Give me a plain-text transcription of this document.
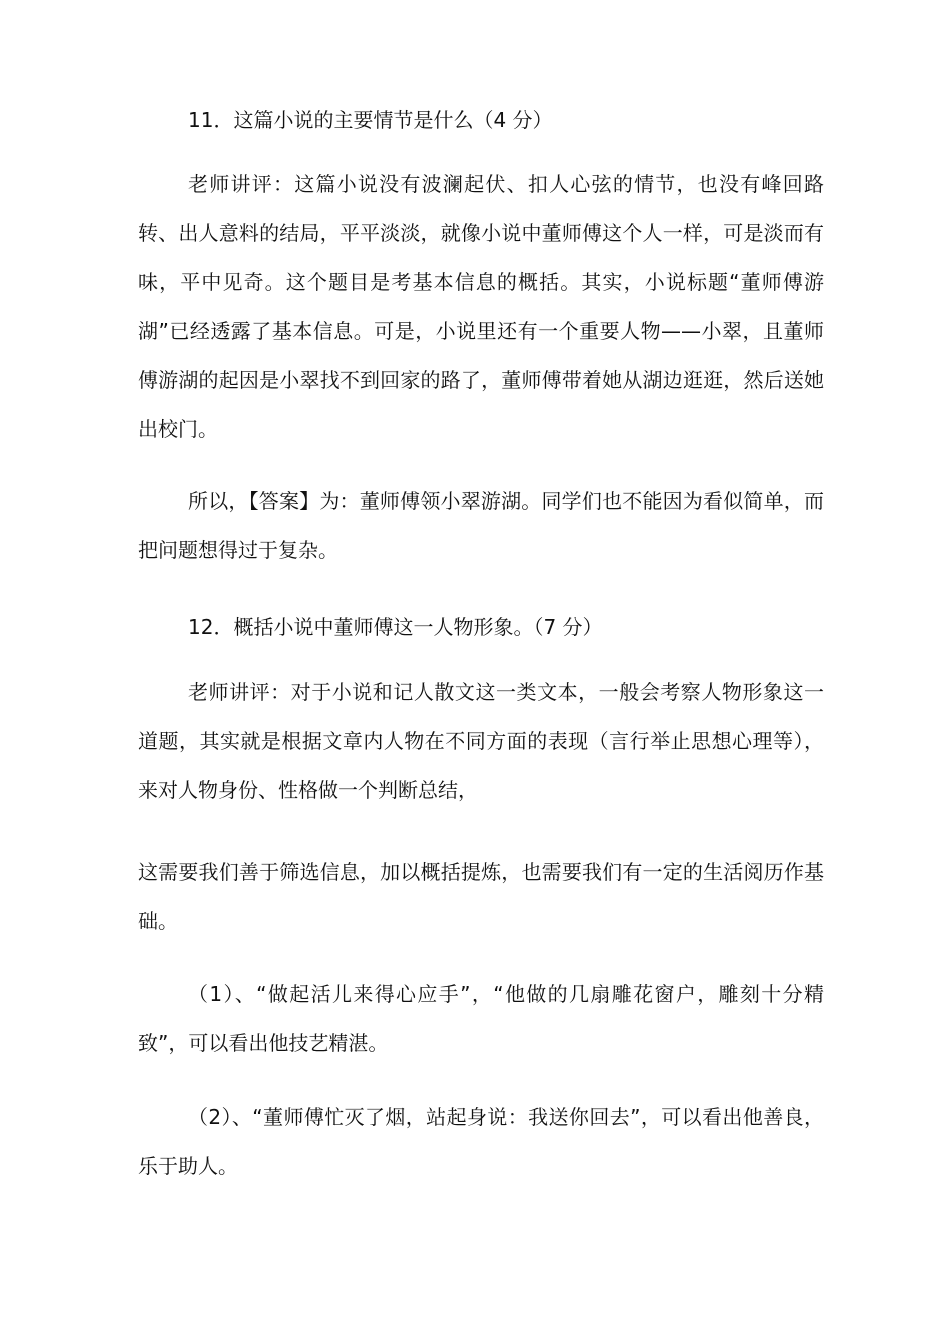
11．这篇小说的主要情节是什么（4 分）

老师讲评：这篇小说没有波澜起伏、扣人心弦的情节，也没有峰回路转、出人意料的结局，平平淡淡，就像小说中董师傅这个人一样，可是淡而有味，平中见奇。这个题目是考基本信息的概括。其实，小说标题“董师傅游湖”已经透露了基本信息。可是，小说里还有一个重要人物——小翠，且董师傅游湖的起因是小翠找不到回家的路了，董师傅带着她从湖边逛逛，然后送她出校门。

所以，【答案】为：董师傅领小翠游湖。同学们也不能因为看似简单，而把问题想得过于复杂。

12．概括小说中董师傅这一人物形象。（7 分）

老师讲评：对于小说和记人散文这一类文本，一般会考察人物形象这一道题，其实就是根据文章内人物在不同方面的表现（言行举止思想心理等），来对人物身份、性格做一个判断总结，

这需要我们善于筛选信息，加以概括提炼，也需要我们有一定的生活阅历作基础。

（1）、“做起活儿来得心应手”，“他做的几扇雕花窗户，雕刻十分精致”，可以看出他技艺精湛。

（2）、“董师傅忙灭了烟，站起身说：我送你回去”，可以看出他善良，乐于助人。
